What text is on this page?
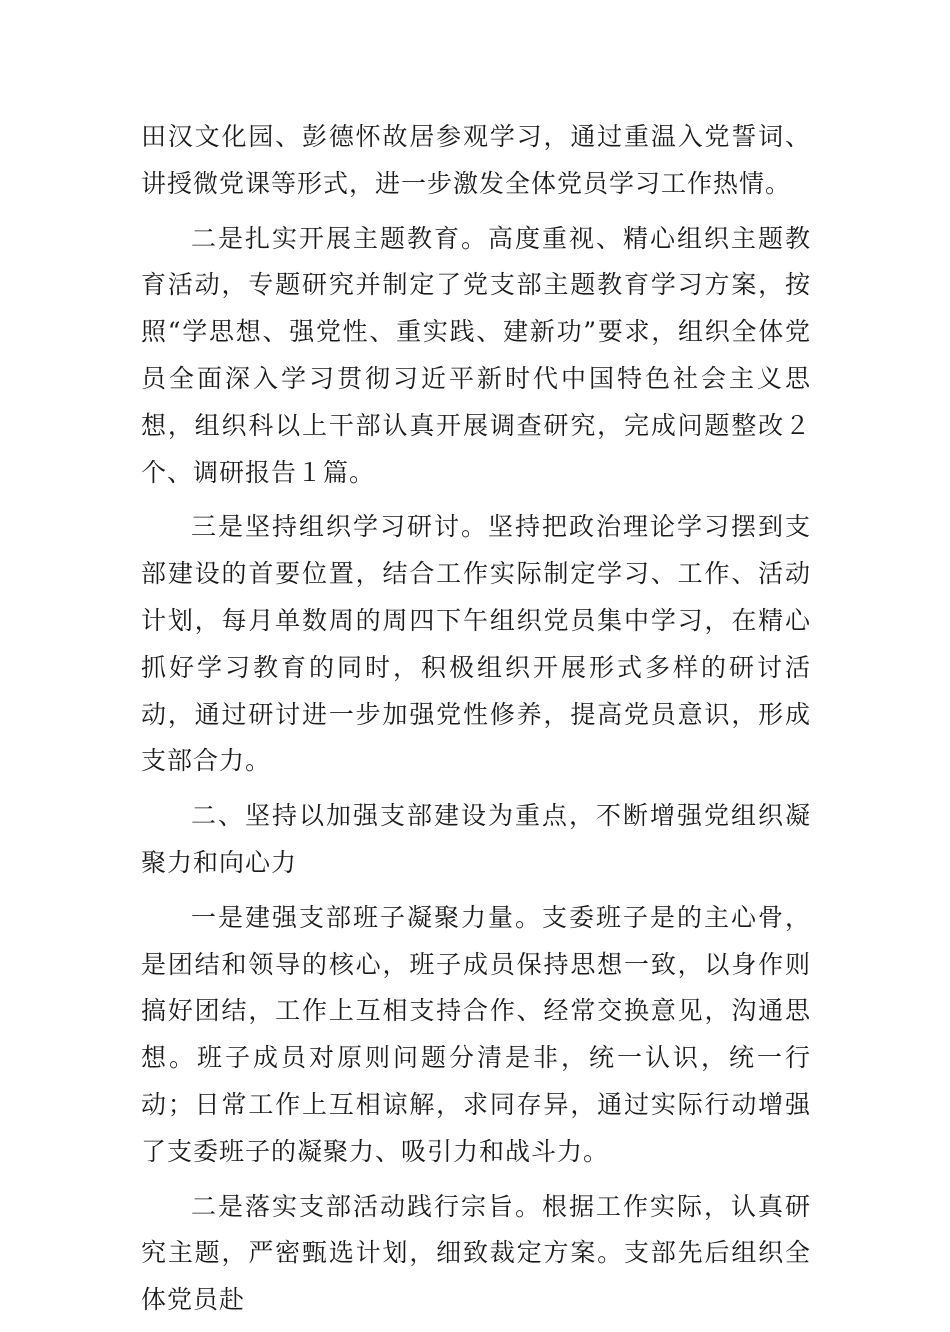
田汉文化园、彭德怀故居参观学习，通过重温入党誓词、讲授微党课等形式，进一步激发全体党员学习工作热情。

二是扎实开展主题教育。高度重视、精心组织主题教育活动，专题研究并制定了党支部主题教育学习方案，按照“学思想、强党性、重实践、建新功”要求，组织全体党员全面深入学习贯彻习近平新时代中国特色社会主义思想，组织科以上干部认真开展调查研究，完成问题整改２个、调研报告１篇。

三是坚持组织学习研讨。坚持把政治理论学习摆到支部建设的首要位置，结合工作实际制定学习、工作、活动计划，每月单数周的周四下午组织党员集中学习，在精心抓好学习教育的同时，积极组织开展形式多样的研讨活动，通过研讨进一步加强党性修养，提高党员意识，形成支部合力。

二、坚持以加强支部建设为重点，不断增强党组织凝聚力和向心力

一是建强支部班子凝聚力量。支委班子是的主心骨，是团结和领导的核心，班子成员保持思想一致，以身作则搞好团结，工作上互相支持合作、经常交换意见，沟通思想。班子成员对原则问题分清是非，统一认识，统一行动；日常工作上互相谅解，求同存异，通过实际行动增强了支委班子的凝聚力、吸引力和战斗力。

二是落实支部活动践行宗旨。根据工作实际，认真研究主题，严密甄选计划，细致裁定方案。支部先后组织全体党员赴
